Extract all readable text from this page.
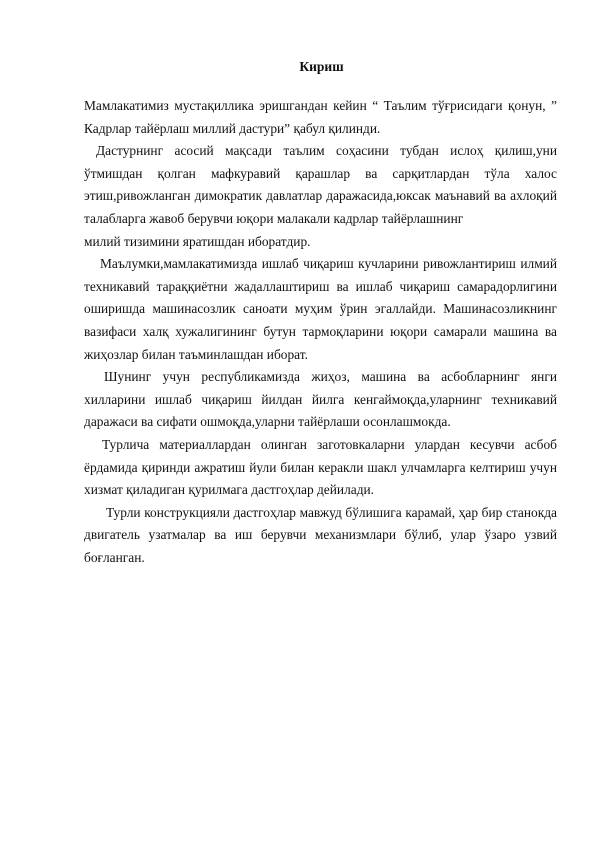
Кириш

Мамлакатимиз мустақиллика эришгандан кейин “ Таълим тўғрисидаги қонун, ” Кадрлар тайёрлаш миллий дастури” қабул қилинди.

Дастурнинг асосий мақсади таълим соҳасини тубдан ислоҳ қилиш,уни ўтмишдан қолган мафкуравий қарашлар ва сарқитлардан тўла халос этиш,ривожланган димократик давлатлар даражасида,юксак маънавий ва ахлоқий талабларга жавоб берувчи юқори малакали кадрлар тайёрлашнинг

милий тизимини яратишдан иборатдир.

Маълумки,мамлакатимизда ишлаб чиқариш кучларини ривожлантириш илмий техникавий тараққиётни жадаллаштириш ва ишлаб чиқариш самарадорлигини оширишда машинасозлик саноати муҳим ўрин эгаллайди. Машинасозликнинг вазифаси халқ хужалигининг бутун тармоқларини юқори самарали машина ва жиҳозлар билан таъминлашдан иборат.

Шунинг учун республикамизда жиҳоз, машина ва асбобларнинг янги хилларини ишлаб чиқариш йилдан йилга кенгаймоқда,уларнинг техникавий даражаси ва сифати ошмоқда,уларни тайёрлаши осонлашмокда.

Турлича материаллардан олинган заготовкаларни улардан кесувчи асбоб ёрдамида қиринди ажратиш йули билан керакли шакл улчамларга келтириш учун хизмат қиладиган қурилмага дастгоҳлар дейилади.

Турли конструкцияли дастгоҳлар мавжуд бўлишига карамай, ҳар бир станокда двигатель узатмалар ва иш берувчи механизмлари бўлиб, улар ўзаро узвий боғланган.
